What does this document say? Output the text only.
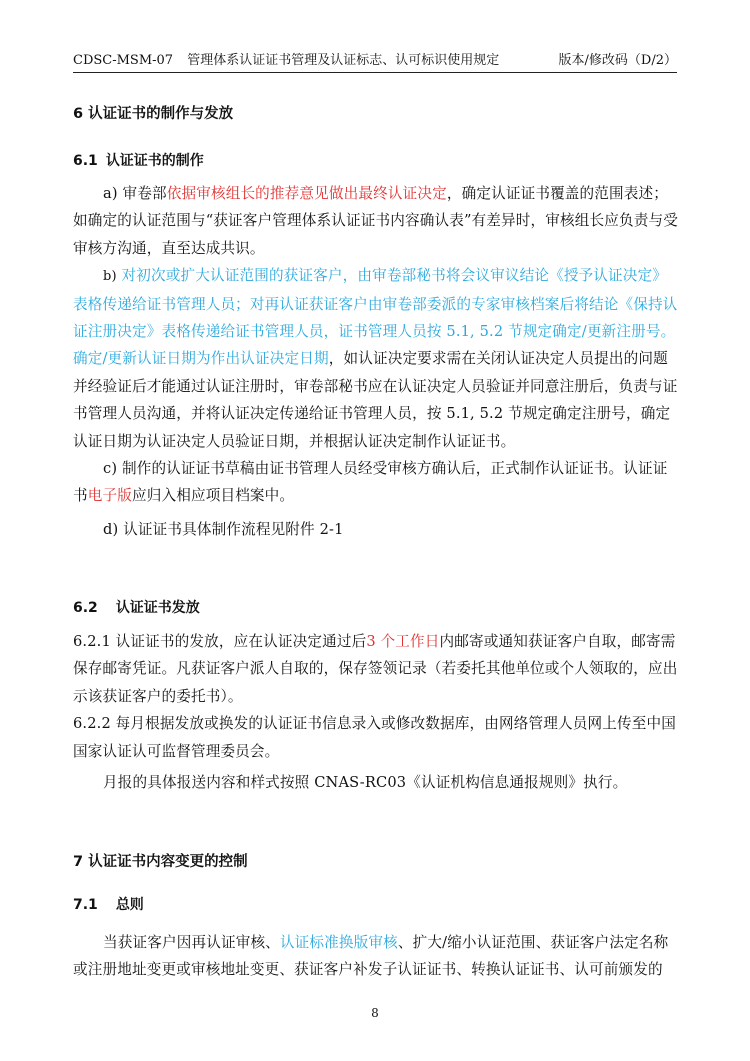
CDSC-MSM-07 管理体系认证证书管理及认证标志、认可标识使用规定	版本/修改码（D/2）
6 认证证书的制作与发放
6.1 认证证书的制作

a) 审卷部依据审核组长的推荐意见做出最终认证决定，确定认证证书覆盖的范围表述；如确定的认证范围与“获证客户管理体系认证证书内容确认表”有差异时，审核组长应负责与受审核方沟通，直至达成共识。

b) 对初次或扩大认证范围的获证客户，由审卷部秘书将会议审议结论《授予认证决定》表格传递给证书管理人员；对再认证获证客户由审卷部委派的专家审核档案后将结论《保持认证注册决定》表格传递给证书管理人员，证书管理人员按 5.1, 5.2 节规定确定/更新注册号。确定/更新认证日期为作出认证决定日期，如认证决定要求需在关闭认证决定人员提出的问题并经验证后才能通过认证注册时，审卷部秘书应在认证决定人员验证并同意注册后，负责与证书管理人员沟通，并将认证决定传递给证书管理人员，按 5.1, 5.2 节规定确定注册号，确定认证日期为认证决定人员验证日期，并根据认证决定制作认证证书。

c) 制作的认证证书草稿由证书管理人员经受审核方确认后，正式制作认证证书。认证证书电子版应归入相应项目档案中。

d) 认证证书具体制作流程见附件 2-1

6.2 认证证书发放

6.2.1 认证证书的发放，应在认证决定通过后3 个工作日内邮寄或通知获证客户自取，邮寄需保存邮寄凭证。凡获证客户派人自取的，保存签领记录（若委托其他单位或个人领取的，应出示该获证客户的委托书）。

6.2.2 每月根据发放或换发的认证证书信息录入或修改数据库，由网络管理人员网上传至中国国家认证认可监督管理委员会。

月报的具体报送内容和样式按照 CNAS-RC03《认证机构信息通报规则》执行。

7 认证证书内容变更的控制
7.1 总则

当获证客户因再认证审核、认证标准换版审核、扩大/缩小认证范围、获证客户法定名称或注册地址变更或审核地址变更、获证客户补发子认证证书、转换认证证书、认可前颁发的

8
